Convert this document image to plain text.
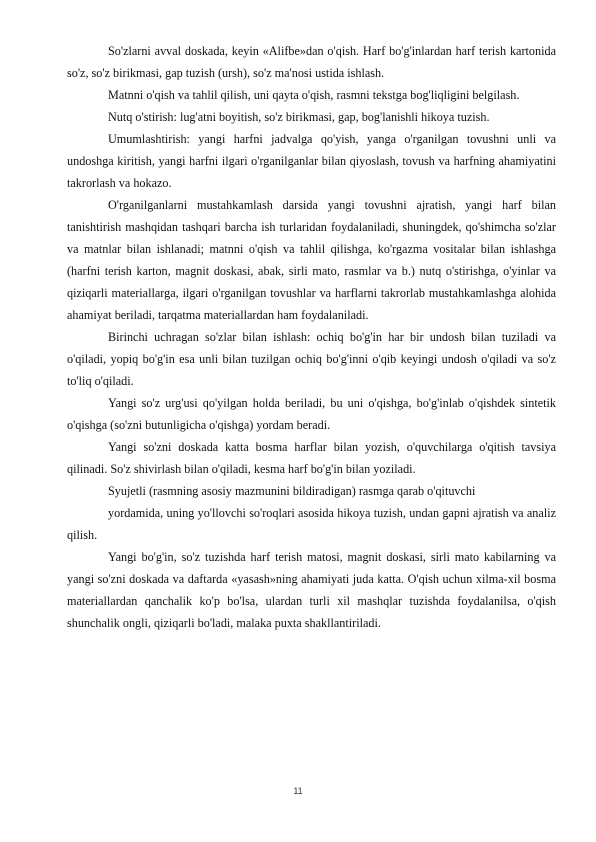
So'zlarni avval doskada, keyin «Alifbe»dan o'qish. Harf bo'g'inlardan harf terish kartonida so'z, so'z birikmasi, gap tuzish (ursh), so'z ma'nosi ustida ishlash.

Matnni o'qish va tahlil qilish, uni qayta o'qish, rasmni tekstga bog'liqligini belgilash.

Nutq o'stirish: lug'atni boyitish, so'z birikmasi, gap, bog'lanishli hikoya tuzish.

Umumlashtirish: yangi harfni jadvalga qo'yish, yanga o'rganilgan tovushni unli va undoshga kiritish, yangi harfni ilgari o'rganilganlar bilan qiyoslash, tovush va harfning ahamiyatini takrorlash va hokazo.

O'rganilganlarni mustahkamlash darsida yangi tovushni ajratish, yangi harf bilan tanishtirish mashqidan tashqari barcha ish turlaridan foydalaniladi, shuningdek, qo'shimcha so'zlar va matnlar bilan ishlanadi; matnni o'qish va tahlil qilishga, ko'rgazma vositalar bilan ishlashga (harfni terish karton, magnit doskasi, abak, sirli mato, rasmlar va b.) nutq o'stirishga, o'yinlar va qiziqarli materiallarga, ilgari o'rganilgan tovushlar va harflarni takrorlab mustahkamlashga alohida ahamiyat beriladi, tarqatma materiallardan ham foydalaniladi.

Birinchi uchragan so'zlar bilan ishlash: ochiq bo'g'in har bir undosh bilan tuziladi va o'qiladi, yopiq bo'g'in esa unli bilan tuzilgan ochiq bo'g'inni o'qib keyingi undosh o'qiladi va so'z to'liq o'qiladi.

Yangi so'z urg'usi qo'yilgan holda beriladi, bu uni o'qishga, bo'g'inlab o'qishdek sintetik o'qishga (so'zni butunligicha o'qishga) yordam beradi.

Yangi so'zni doskada katta bosma harflar bilan yozish, o'quvchilarga o'qitish tavsiya qilinadi. So'z shivirlash bilan o'qiladi, kesma harf bo'g'in bilan yoziladi.

Syujetli (rasmning asosiy mazmunini bildiradigan) rasmga qarab o'qituvchi

yordamida, uning yo'llovchi so'roqlari asosida hikoya tuzish, undan gapni ajratish va analiz qilish.

Yangi bo'g'in, so'z tuzishda harf terish matosi, magnit doskasi, sirli mato kabilarning va yangi so'zni doskada va daftarda «yasash»ning ahamiyati juda katta. O'qish uchun xilma-xil bosma materiallardan qanchalik ko'p bo'lsa, ulardan turli xil mashqlar tuzishda foydalanilsa, o'qish shunchalik ongli, qiziqarli bo'ladi, malaka puxta shakllantiriladi.

11
